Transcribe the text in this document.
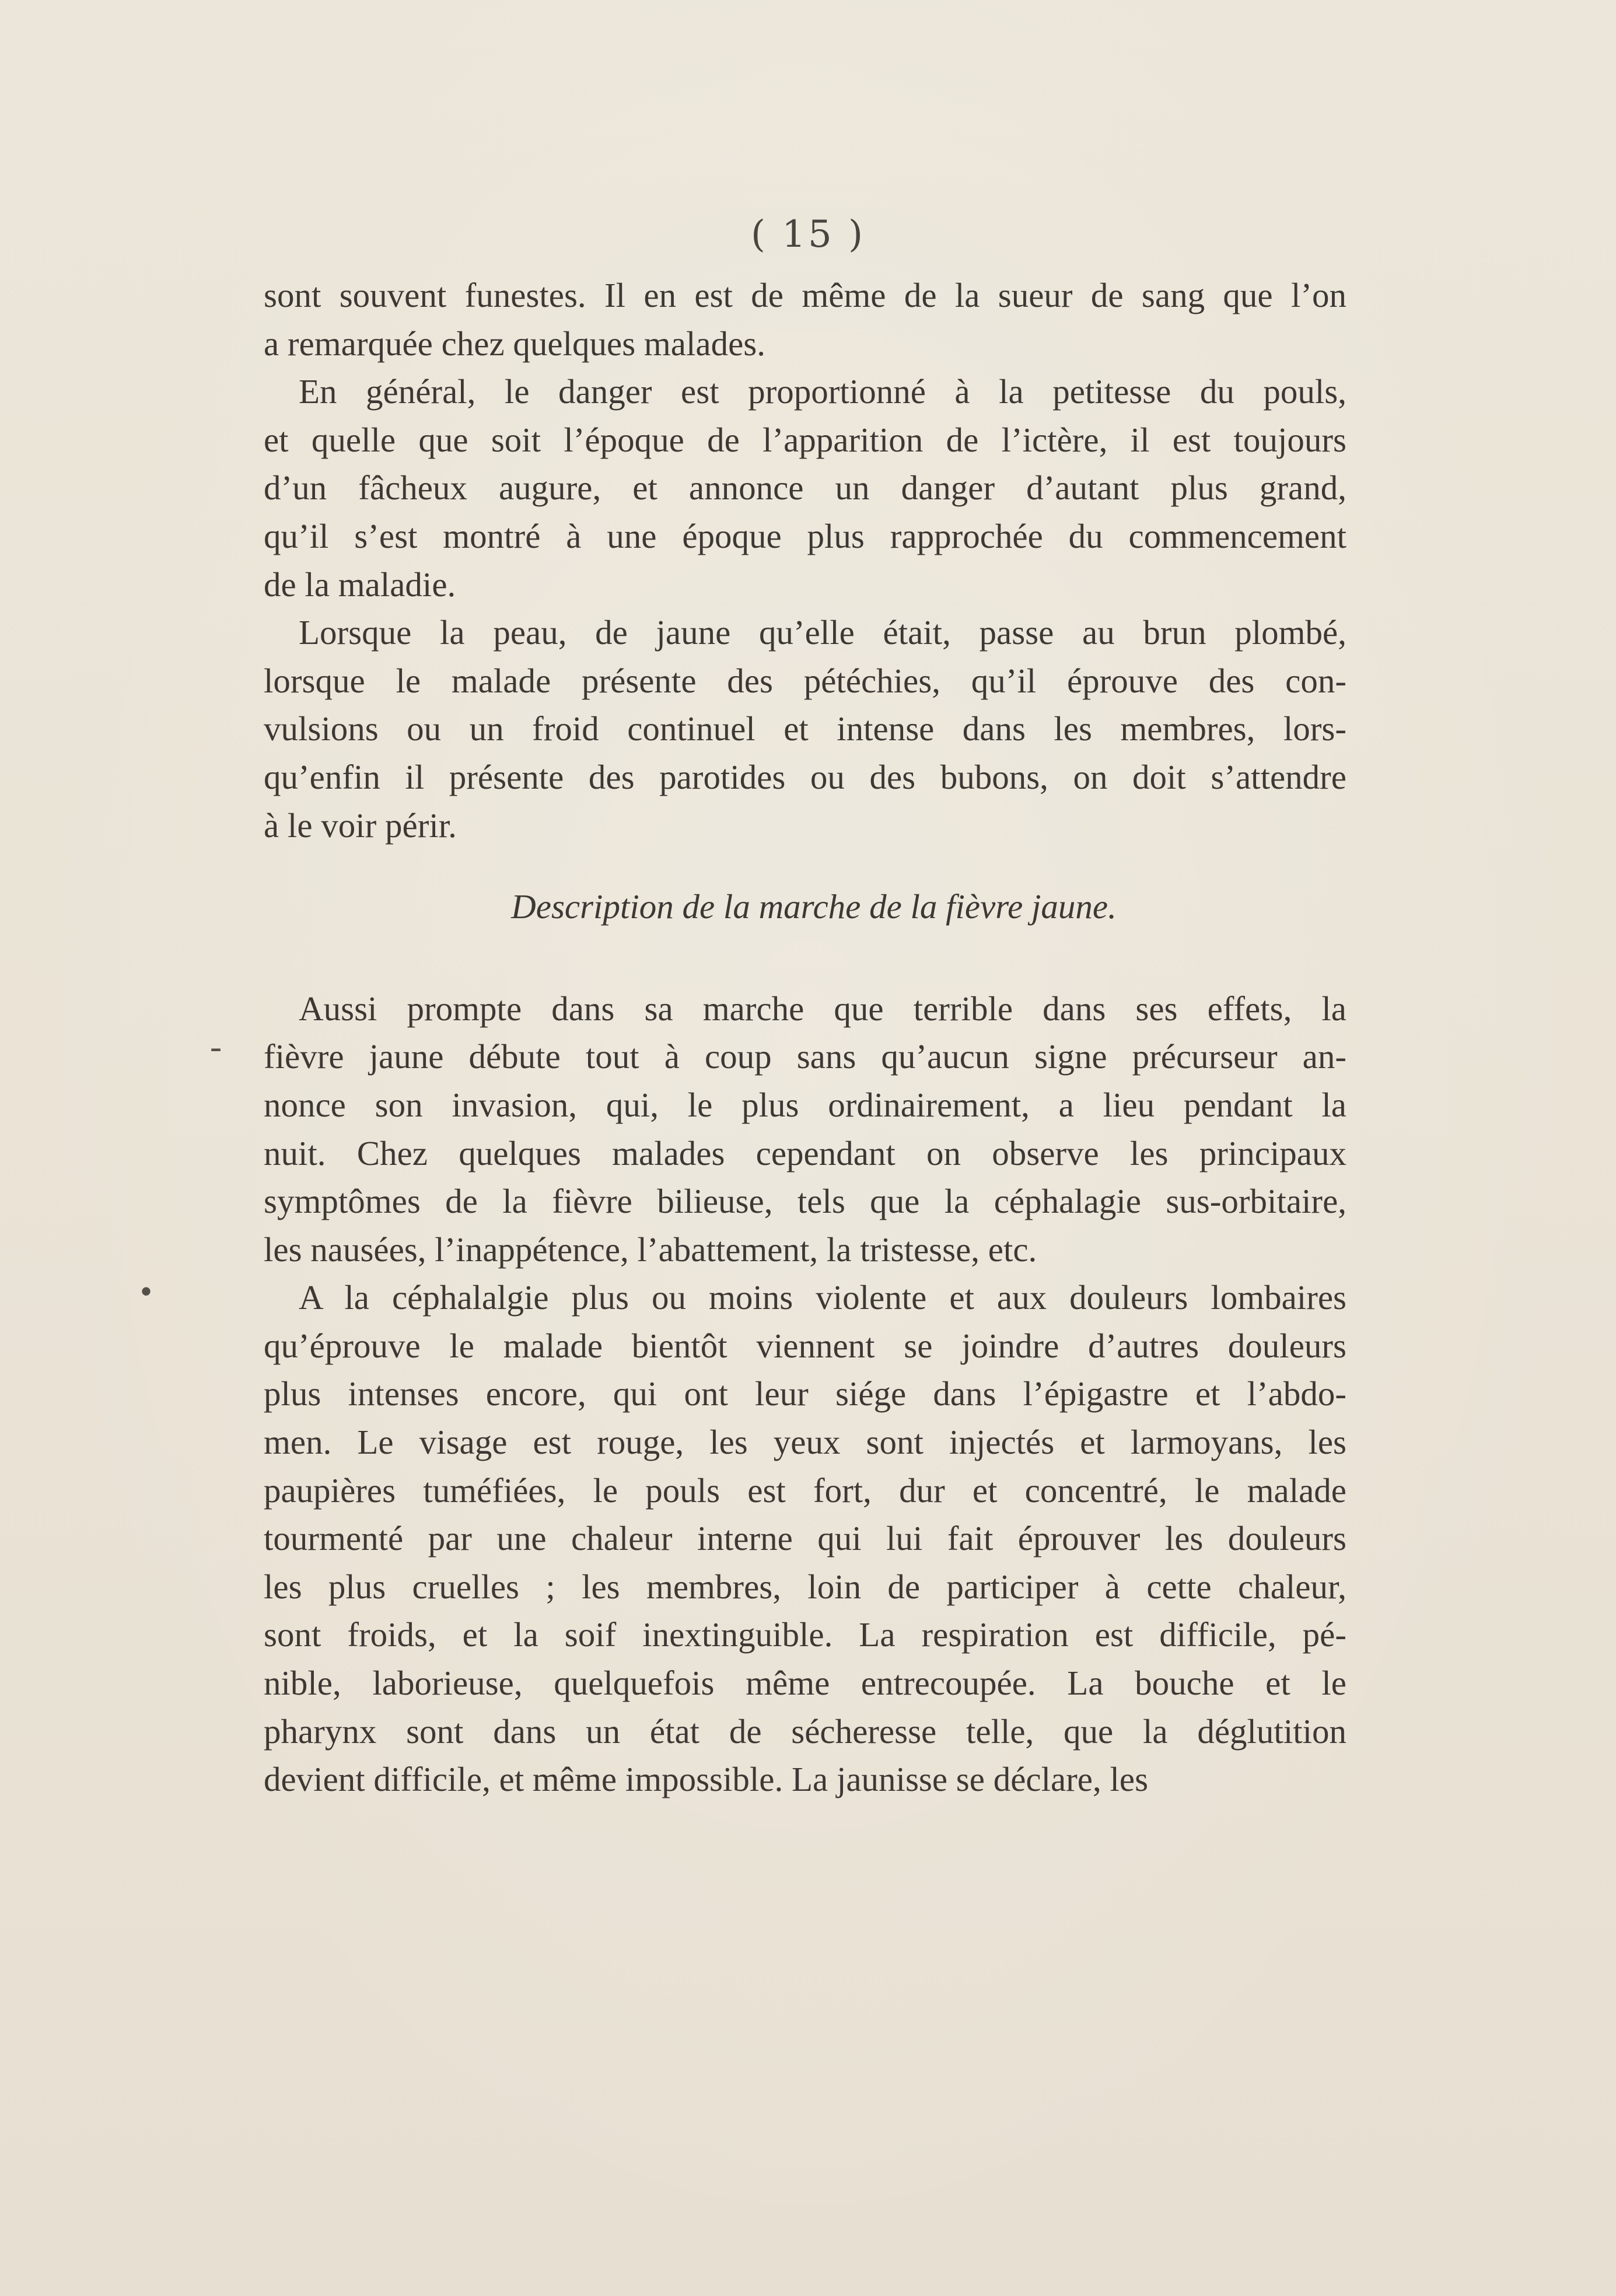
( 15 )
-
•
sont souvent funestes. Il en est de même de la sueur de sang que l’on
a remarquée chez quelques malades.
En général, le danger est proportionné à la petitesse du pouls,
et quelle que soit l’époque de l’apparition de l’ictère, il est toujours
d’un fâcheux augure, et annonce un danger d’autant plus grand,
qu’il s’est montré à une époque plus rapprochée du commencement
de la maladie.
Lorsque la peau, de jaune qu’elle était, passe au brun plombé,
lorsque le malade présente des pétéchies, qu’il éprouve des con-
vulsions ou un froid continuel et intense dans les membres, lors-
qu’enfin il présente des parotides ou des bubons, on doit s’attendre
à le voir périr.
Description de la marche de la fièvre jaune.
Aussi prompte dans sa marche que terrible dans ses effets, la
fièvre jaune débute tout à coup sans qu’aucun signe précurseur an-
nonce son invasion, qui, le plus ordinairement, a lieu pendant la
nuit. Chez quelques malades cependant on observe les principaux
symptômes de la fièvre bilieuse, tels que la céphalagie sus-orbitaire,
les nausées, l’inappétence, l’abattement, la tristesse, etc.
A la céphalalgie plus ou moins violente et aux douleurs lombaires
qu’éprouve le malade bientôt viennent se joindre d’autres douleurs
plus intenses encore, qui ont leur siége dans l’épigastre et l’abdo-
men. Le visage est rouge, les yeux sont injectés et larmoyans, les
paupières tuméfiées, le pouls est fort, dur et concentré, le malade
tourmenté par une chaleur interne qui lui fait éprouver les douleurs
les plus cruelles ; les membres, loin de participer à cette chaleur,
sont froids, et la soif inextinguible. La respiration est difficile, pé-
nible, laborieuse, quelquefois même entrecoupée. La bouche et le
pharynx sont dans un état de sécheresse telle, que la déglutition
devient difficile, et même impossible. La jaunisse se déclare, les
